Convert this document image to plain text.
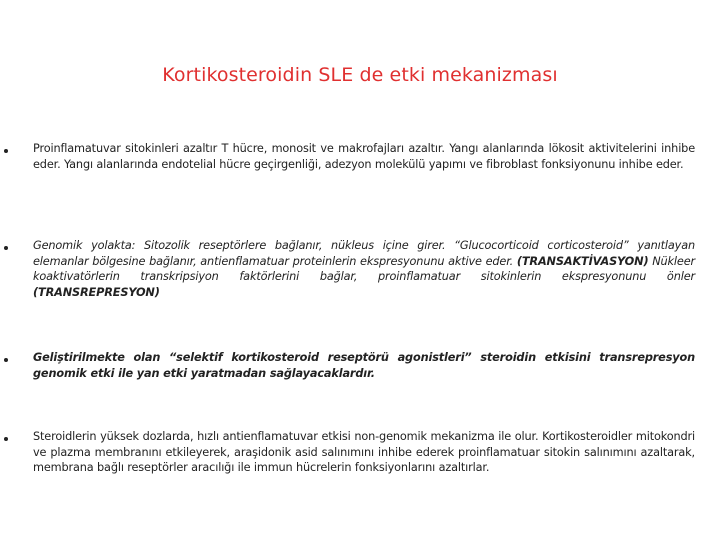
Kortikosteroidin SLE de etki mekanizması
Proinflamatuvar sitokinleri azaltır T hücre, monosit ve makrofajları azaltır. Yangı alanlarında lökosit aktivitelerini inhibe eder. Yangı alanlarında endotelial hücre geçirgenliği, adezyon molekülü yapımı ve fibroblast fonksiyonunu inhibe eder.
Genomik yolakta: Sitozolik reseptörlere bağlanır, nükleus içine girer. “Glucocorticoid corticosteroid” yanıtlayan elemanlar bölgesine bağlanır, antienflamatuar proteinlerin ekspresyonunu aktive eder. (TRANSAKTİVASYON) Nükleer koaktivatörlerin transkripsiyon faktörlerini bağlar, proinflamatuar sitokinlerin ekspresyonunu önler (TRANSREPRESYON)
Geliştirilmekte olan “selektif kortikosteroid reseptörü agonistleri” steroidin etkisini transrepresyon genomik etki ile yan etki yaratmadan sağlayacaklardır.
Steroidlerin yüksek dozlarda, hızlı antienflamatuvar etkisi non-genomik mekanizma ile olur. Kortikosteroidler mitokondri ve plazma membranını etkileyerek, araşidonik asid salınımını inhibe ederek proinflamatuar sitokin salınımını azaltarak, membrana bağlı reseptörler aracılığı ile immun hücrelerin fonksiyonlarını azaltırlar.
